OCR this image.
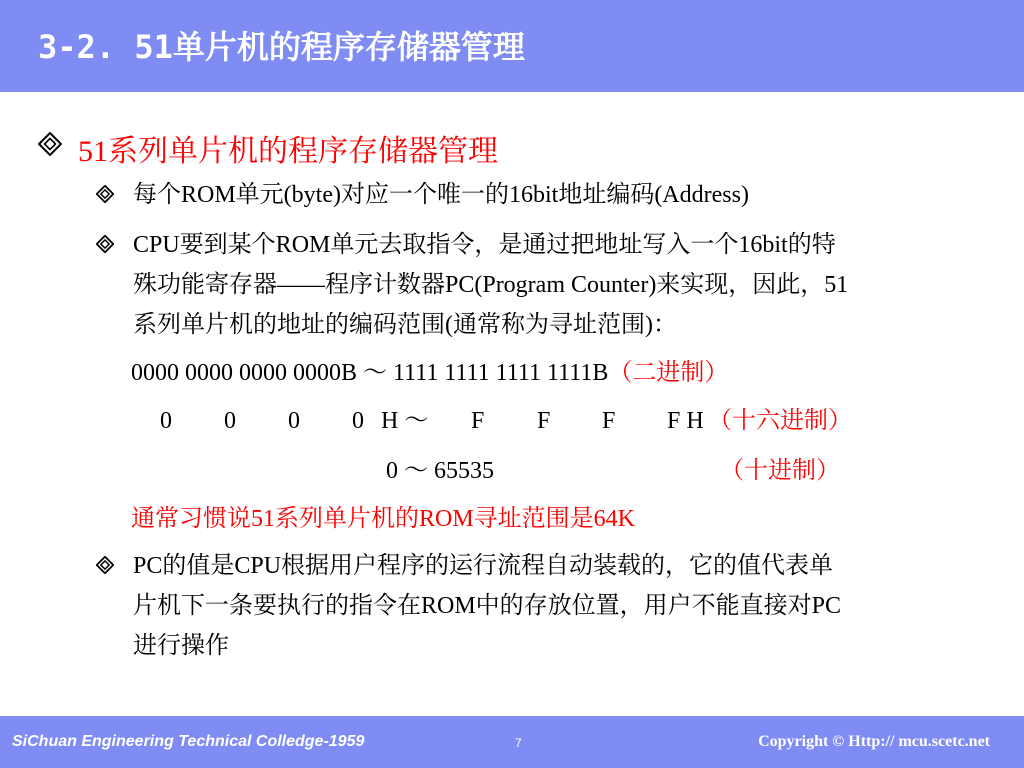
3-2. 51单片机的程序存储器管理
51系列单片机的程序存储器管理
每个ROM单元(byte)对应一个唯一的16bit地址编码(Address)
CPU要到某个ROM单元去取指令，是通过把地址写入一个16bit的特
殊功能寄存器——程序计数器PC(Program Counter)来实现，因此，51
系列单片机的地址的编码范围(通常称为寻址范围)：
0000 0000 0000 0000B ～ 1111 1111 1111 1111B（二进制）
0 0 0 0 H ～ F F F F H （十六进制）
0 ～ 65535	（十进制）
通常习惯说51系列单片机的ROM寻址范围是64K
PC的值是CPU根据用户程序的运行流程自动装载的，它的值代表单
片机下一条要执行的指令在ROM中的存放位置，用户不能直接对PC
进行操作
SiChuan Engineering Technical Colledge-1959	7	Copyright © Http:// mcu.scetc.net
